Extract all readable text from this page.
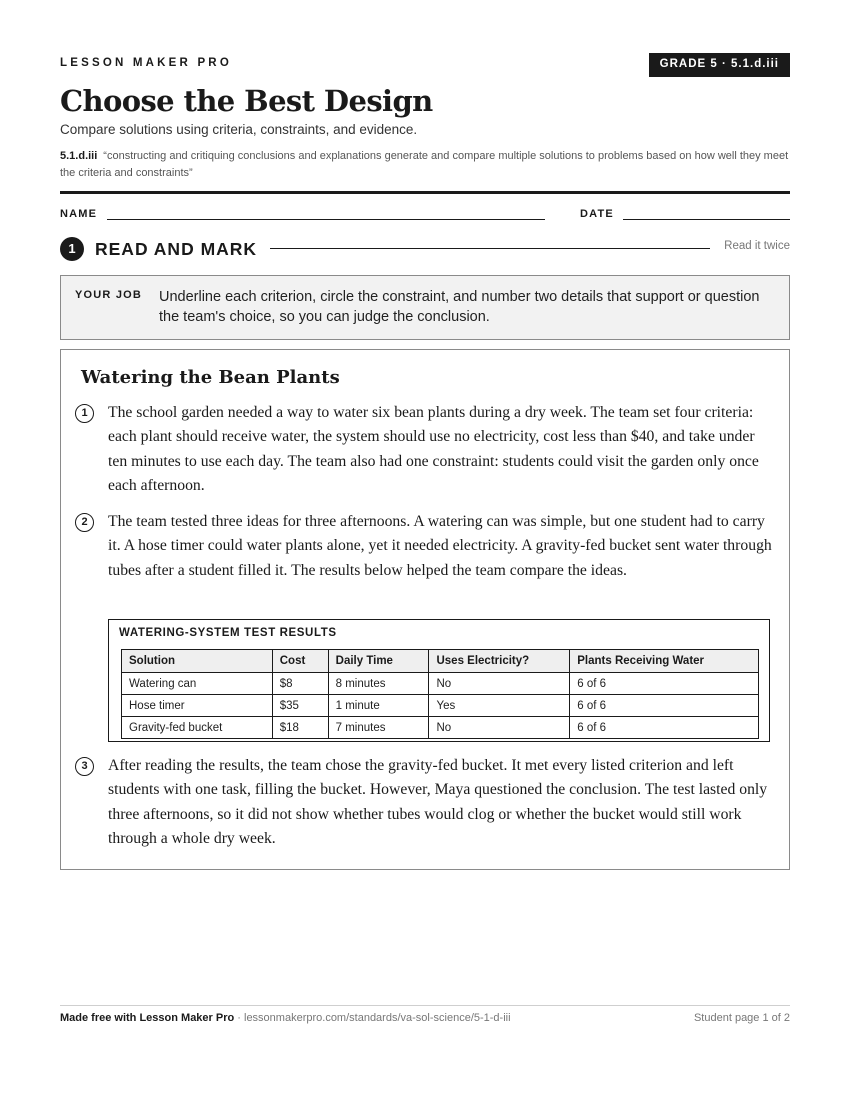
LESSON MAKER PRO	GRADE 5 · 5.1.d.iii
Choose the Best Design
Compare solutions using criteria, constraints, and evidence.
5.1.d.iii “constructing and critiquing conclusions and explanations generate and compare multiple solutions to problems based on how well they meet the criteria and constraints”
NAME	DATE
1	READ AND MARK	Read it twice
YOUR JOB Underline each criterion, circle the constraint, and number two details that support or question the team's choice, so you can judge the conclusion.
Watering the Bean Plants
1	The school garden needed a way to water six bean plants during a dry week. The team set four criteria: each plant should receive water, the system should use no electricity, cost less than $40, and take under ten minutes to use each day. The team also had one constraint: students could visit the garden only once each afternoon.
2	The team tested three ideas for three afternoons. A watering can was simple, but one student had to carry it. A hose timer could water plants alone, yet it needed electricity. A gravity-fed bucket sent water through tubes after a student filled it. The results below helped the team compare the ideas.
WATERING-SYSTEM TEST RESULTS
Solution	Cost	Daily Time	Uses Electricity?	Plants Receiving Water
Watering can	$8	8 minutes	No	6 of 6
Hose timer	$35	1 minute	Yes	6 of 6
Gravity-fed bucket	$18	7 minutes	No	6 of 6
3	After reading the results, the team chose the gravity-fed bucket. It met every listed criterion and left students with one task, filling the bucket. However, Maya questioned the conclusion. The test lasted only three afternoons, so it did not show whether tubes would clog or whether the bucket would still work through a whole dry week.
Made free with Lesson Maker Pro · lessonmakerpro.com/standards/va-sol-science/5-1-d-iii	Student page 1 of 2
